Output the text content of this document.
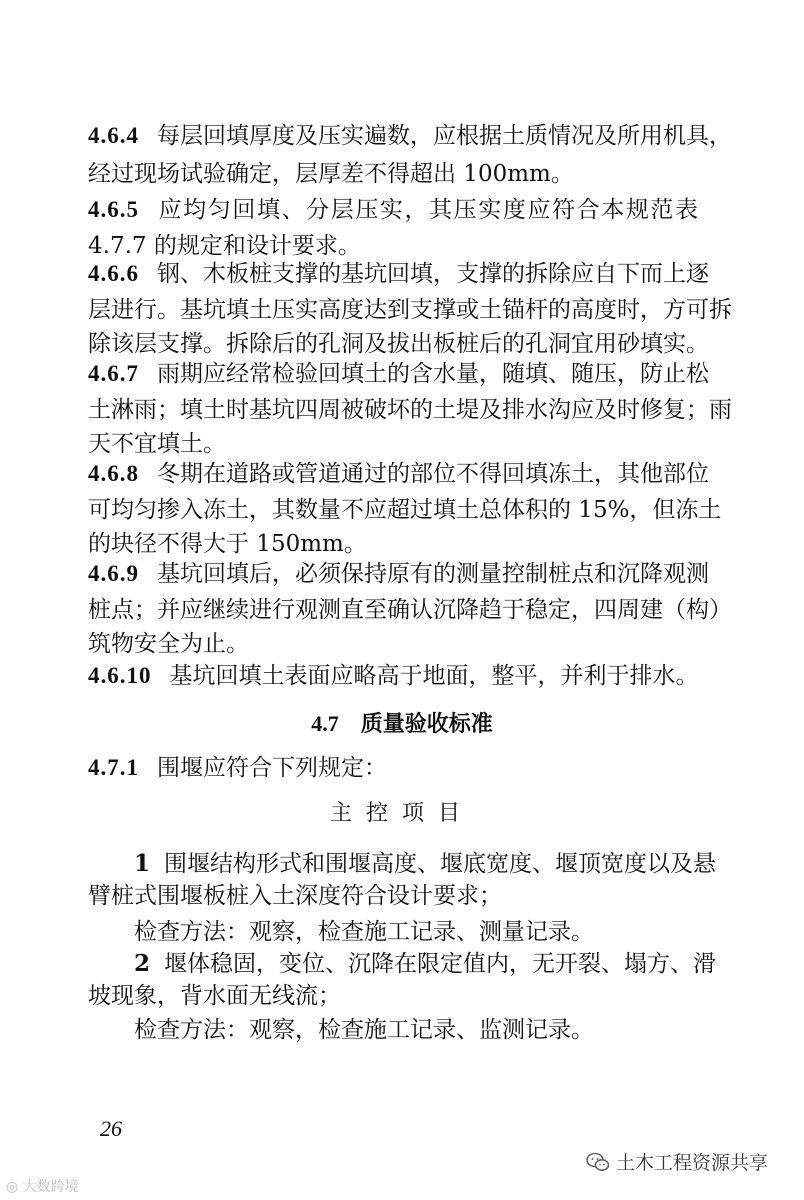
4.6.4 每层回填厚度及压实遍数，应根据土质情况及所用机具，
经过现场试验确定，层厚差不得超出 100mm。
4.6.5 应均匀回填、分层压实，其压实度应符合本规范表
4.7.7 的规定和设计要求。
4.6.6 钢、木板桩支撑的基坑回填，支撑的拆除应自下而上逐
层进行。基坑填土压实高度达到支撑或土锚杆的高度时，方可拆
除该层支撑。拆除后的孔洞及拔出板桩后的孔洞宜用砂填实。
4.6.7 雨期应经常检验回填土的含水量，随填、随压，防止松
土淋雨；填土时基坑四周被破坏的土堤及排水沟应及时修复；雨
天不宜填土。
4.6.8 冬期在道路或管道通过的部位不得回填冻土，其他部位
可均匀掺入冻土，其数量不应超过填土总体积的 15%，但冻土
的块径不得大于 150mm。
4.6.9 基坑回填后，必须保持原有的测量控制桩点和沉降观测
桩点；并应继续进行观测直至确认沉降趋于稳定，四周建（构）
筑物安全为止。
4.6.10 基坑回填土表面应略高于地面，整平，并利于排水。
4.7 质量验收标准
4.7.1 围堰应符合下列规定：
主控项目
1 围堰结构形式和围堰高度、堰底宽度、堰顶宽度以及悬
臂桩式围堰板桩入土深度符合设计要求；
检查方法：观察，检查施工记录、测量记录。
2 堰体稳固，变位、沉降在限定值内，无开裂、塌方、滑
坡现象，背水面无线流；
检查方法：观察，检查施工记录、监测记录。
26
◎ 大数跨境
土木工程资源共享
